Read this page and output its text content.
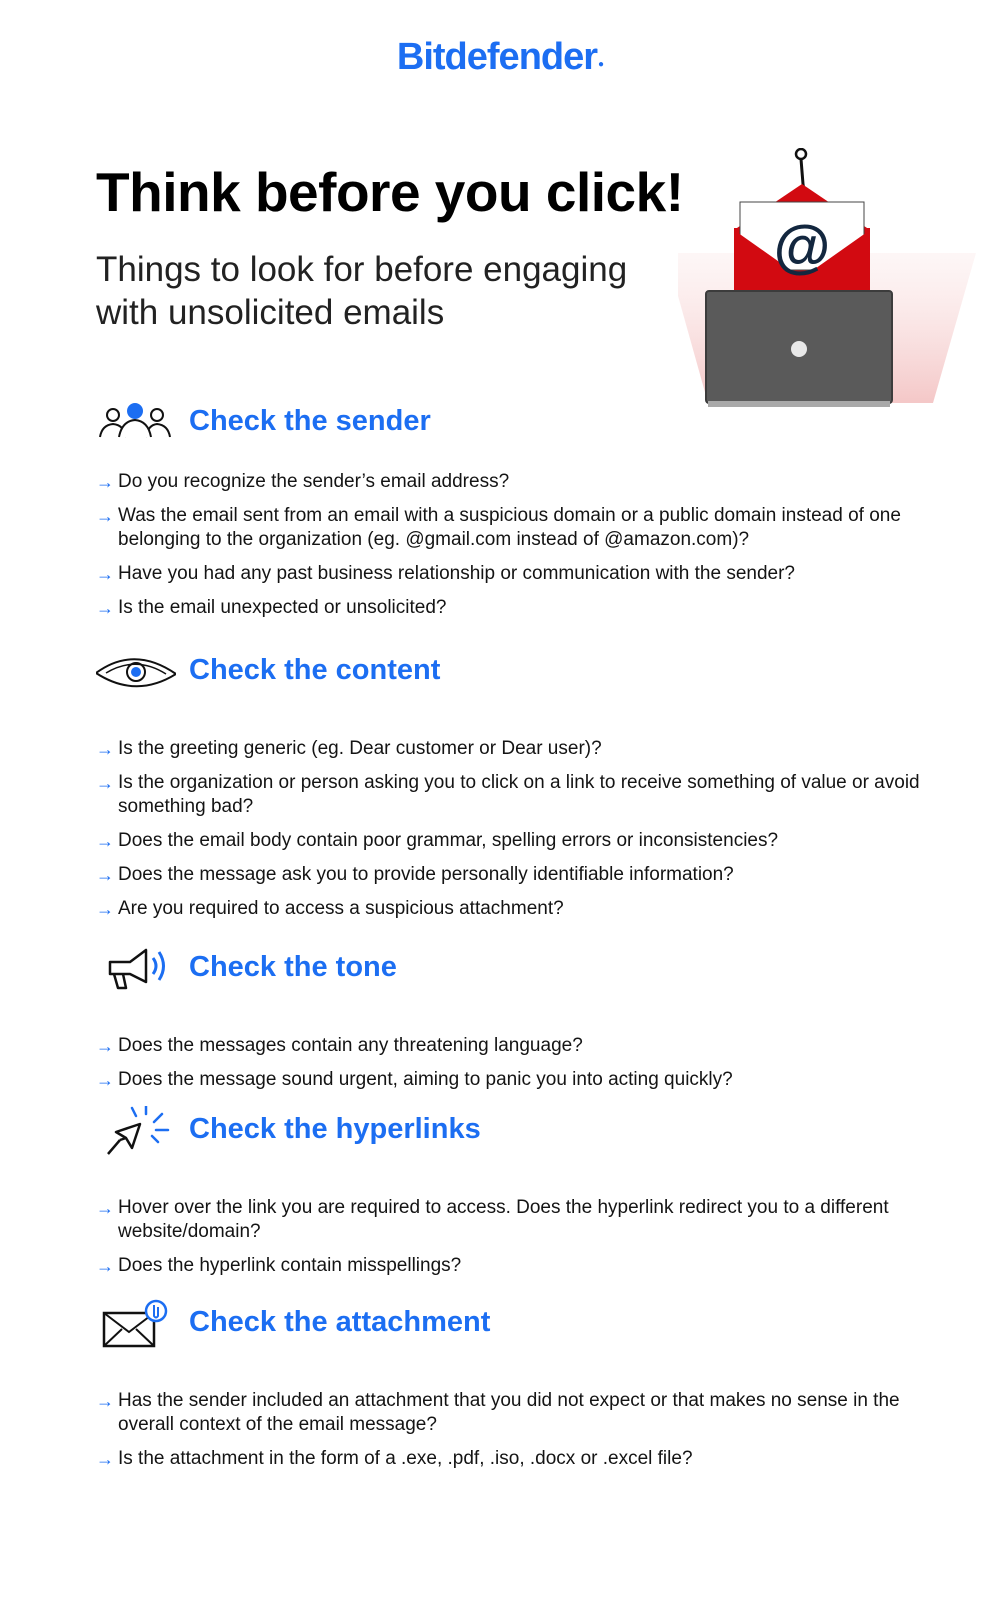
Bitdefender●
Think before you click!

Things to look for before engaging with unsolicited emails

@
Check the sender
→ Do you recognize the sender’s email address?
→ Was the email sent from an email with a suspicious domain or a public domain instead of one belonging to the organization (eg. @gmail.com instead of @amazon.com)?
→ Have you had any past business relationship or communication with the sender?
→ Is the email unexpected or unsolicited?
Check the content
→ Is the greeting generic (eg. Dear customer or Dear user)?
→ Is the organization or person asking you to click on a link to receive something of value or avoid something bad?
→ Does the email body contain poor grammar, spelling errors or inconsistencies?
→ Does the message ask you to provide personally identifiable information?
→ Are you required to access a suspicious attachment?
Check the tone
→ Does the messages contain any threatening language?
→ Does the message sound urgent, aiming to panic you into acting quickly?
Check the hyperlinks
→ Hover over the link you are required to access. Does the hyperlink redirect you to a different website/domain?
→ Does the hyperlink contain misspellings?
Check the attachment
→ Has the sender included an attachment that you did not expect or that makes no sense in the overall context of the email message?
→ Is the attachment in the form of a .exe, .pdf, .iso, .docx or .excel file?
